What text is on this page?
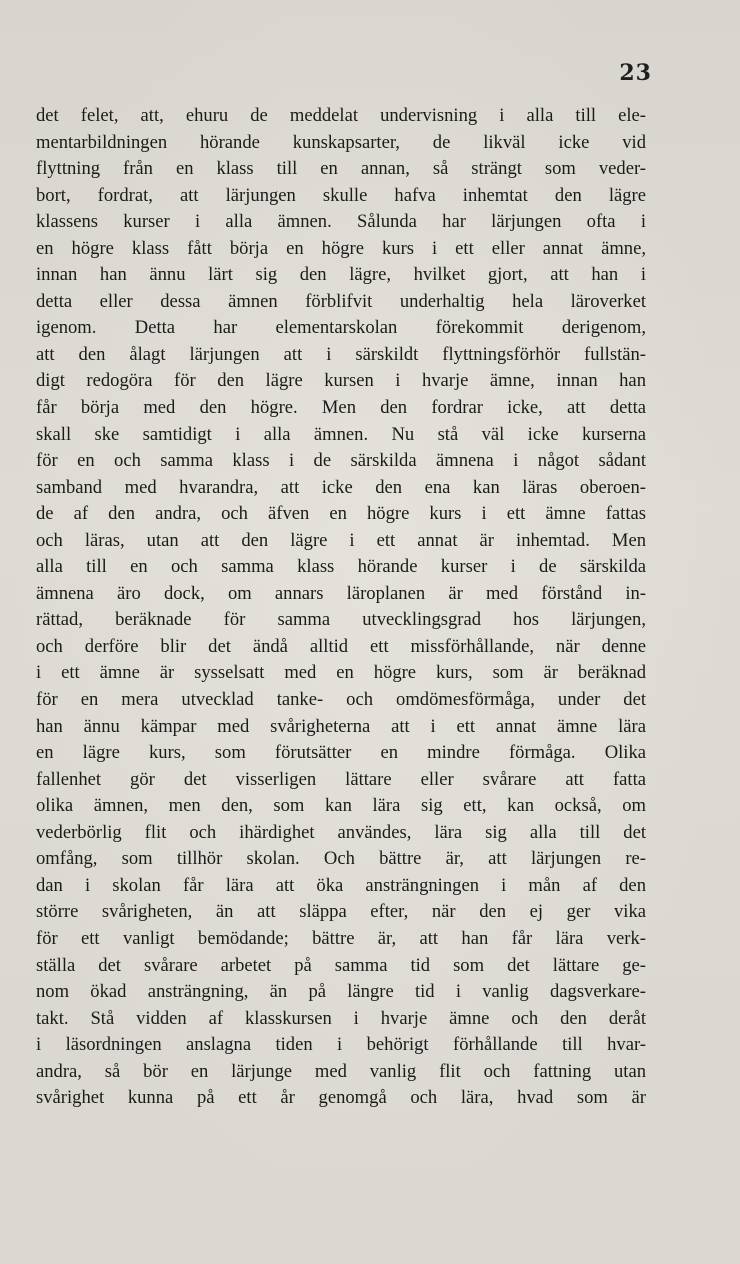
23
det felet, att, ehuru de meddelat undervisning i alla till ele-
mentarbildningen hörande kunskapsarter, de likväl icke vid
flyttning från en klass till en annan, så strängt som veder-
bort, fordrat, att lärjungen skulle hafva inhemtat den lägre
klassens kurser i alla ämnen. Sålunda har lärjungen ofta i
en högre klass fått börja en högre kurs i ett eller annat ämne,
innan han ännu lärt sig den lägre, hvilket gjort, att han i
detta eller dessa ämnen förblifvit underhaltig hela läroverket
igenom. Detta har elementarskolan förekommit derigenom,
att den ålagt lärjungen att i särskildt flyttningsförhör fullstän-
digt redogöra för den lägre kursen i hvarje ämne, innan han
får börja med den högre. Men den fordrar icke, att detta
skall ske samtidigt i alla ämnen. Nu stå väl icke kurserna
för en och samma klass i de särskilda ämnena i något sådant
samband med hvarandra, att icke den ena kan läras oberoen-
de af den andra, och äfven en högre kurs i ett ämne fattas
och läras, utan att den lägre i ett annat är inhemtad. Men
alla till en och samma klass hörande kurser i de särskilda
ämnena äro dock, om annars läroplanen är med förstånd in-
rättad, beräknade för samma utvecklingsgrad hos lärjungen,
och derföre blir det ändå alltid ett missförhållande, när denne
i ett ämne är sysselsatt med en högre kurs, som är beräknad
för en mera utvecklad tanke- och omdömesförmåga, under det
han ännu kämpar med svårigheterna att i ett annat ämne lära
en lägre kurs, som förutsätter en mindre förmåga. Olika
fallenhet gör det visserligen lättare eller svårare att fatta
olika ämnen, men den, som kan lära sig ett, kan också, om
vederbörlig flit och ihärdighet användes, lära sig alla till det
omfång, som tillhör skolan. Och bättre är, att lärjungen re-
dan i skolan får lära att öka ansträngningen i mån af den
större svårigheten, än att släppa efter, när den ej ger vika
för ett vanligt bemödande; bättre är, att han får lära verk-
ställa det svårare arbetet på samma tid som det lättare ge-
nom ökad ansträngning, än på längre tid i vanlig dagsverkare-
takt. Stå vidden af klasskursen i hvarje ämne och den deråt
i läsordningen anslagna tiden i behörigt förhållande till hvar-
andra, så bör en lärjunge med vanlig flit och fattning utan
svårighet kunna på ett år genomgå och lära, hvad som är
